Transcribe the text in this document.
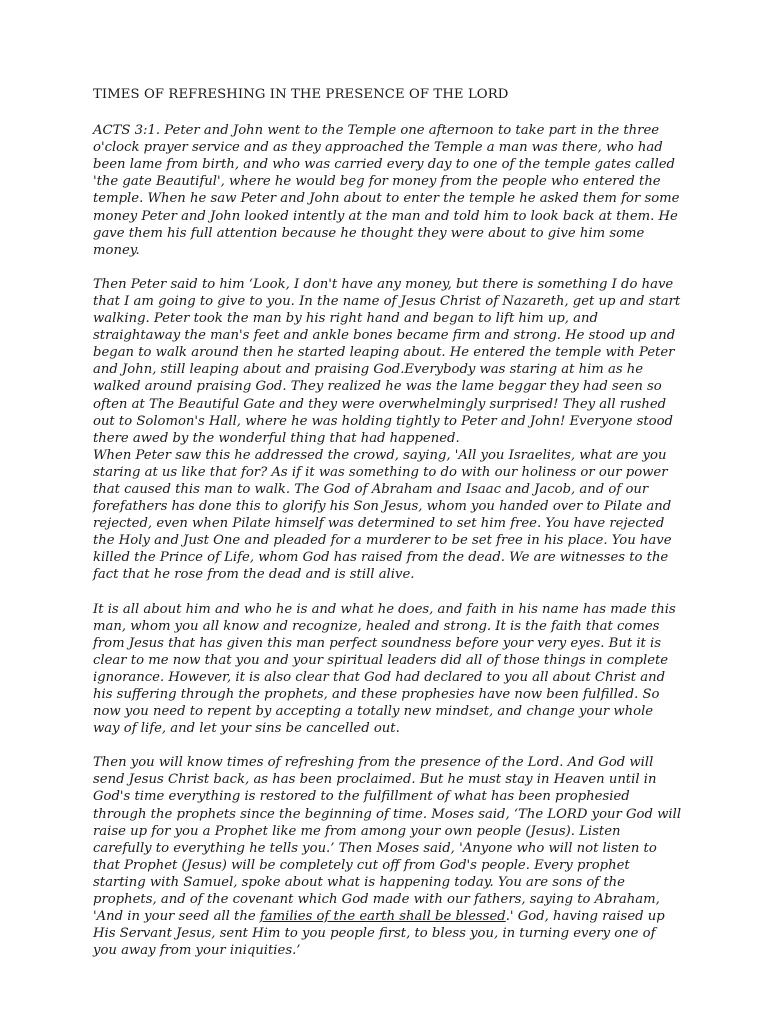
TIMES OF REFRESHING IN THE PRESENCE OF THE LORD

ACTS 3:1. Peter and John went to the Temple one afternoon to take part in the three o'clock prayer service and as they approached the Temple a man was there, who had been lame from birth, and who was carried every day to one of the temple gates called 'the gate Beautiful', where he would beg for money from the people who entered the temple. When he saw Peter and John about to enter the temple he asked them for some money Peter and John looked intently at the man and told him to look back at them. He gave them his full attention because he thought they were about to give him some money.

Then Peter said to him ‘Look, I don't have any money, but there is something I do have that I am going to give to you. In the name of Jesus Christ of Nazareth, get up and start walking. Peter took the man by his right hand and began to lift him up, and straightaway the man's feet and ankle bones became firm and strong. He stood up and began to walk around then he started leaping about. He entered the temple with Peter and John, still leaping about and praising God.Everybody was staring at him as he walked around praising God. They realized he was the lame beggar they had seen so often at The Beautiful Gate and they were overwhelmingly surprised! They all rushed out to Solomon's Hall, where he was holding tightly to Peter and John! Everyone stood there awed by the wonderful thing that had happened.

When Peter saw this he addressed the crowd, saying, 'All you Israelites, what are you staring at us like that for? As if it was something to do with our holiness or our power that caused this man to walk. The God of Abraham and Isaac and Jacob, and of our forefathers has done this to glorify his Son Jesus, whom you handed over to Pilate and rejected, even when Pilate himself was determined to set him free. You have rejected the Holy and Just One and pleaded for a murderer to be set free in his place. You have killed the Prince of Life, whom God has raised from the dead. We are witnesses to the fact that he rose from the dead and is still alive.

It is all about him and who he is and what he does, and faith in his name has made this man, whom you all know and recognize, healed and strong. It is the faith that comes from Jesus that has given this man perfect soundness before your very eyes. But it is clear to me now that you and your spiritual leaders did all of those things in complete ignorance. However, it is also clear that God had declared to you all about Christ and his suffering through the prophets, and these prophesies have now been fulfilled. So now you need to repent by accepting a totally new mindset, and change your whole way of life, and let your sins be cancelled out.

Then you will know times of refreshing from the presence of the Lord. And God will send Jesus Christ back, as has been proclaimed. But he must stay in Heaven until in God's time everything is restored to the fulfillment of what has been prophesied through the prophets since the beginning of time. Moses said, ‘The LORD your God will raise up for you a Prophet like me from among your own people (Jesus). Listen carefully to everything he tells you.’ Then Moses said, 'Anyone who will not listen to that Prophet (Jesus) will be completely cut off from God's people. Every prophet starting with Samuel, spoke about what is happening today. You are sons of the prophets, and of the covenant which God made with our fathers, saying to Abraham, 'And in your seed all the families of the earth shall be blessed.' God, having raised up His Servant Jesus, sent Him to you people first, to bless you, in turning every one of you away from your iniquities.’
